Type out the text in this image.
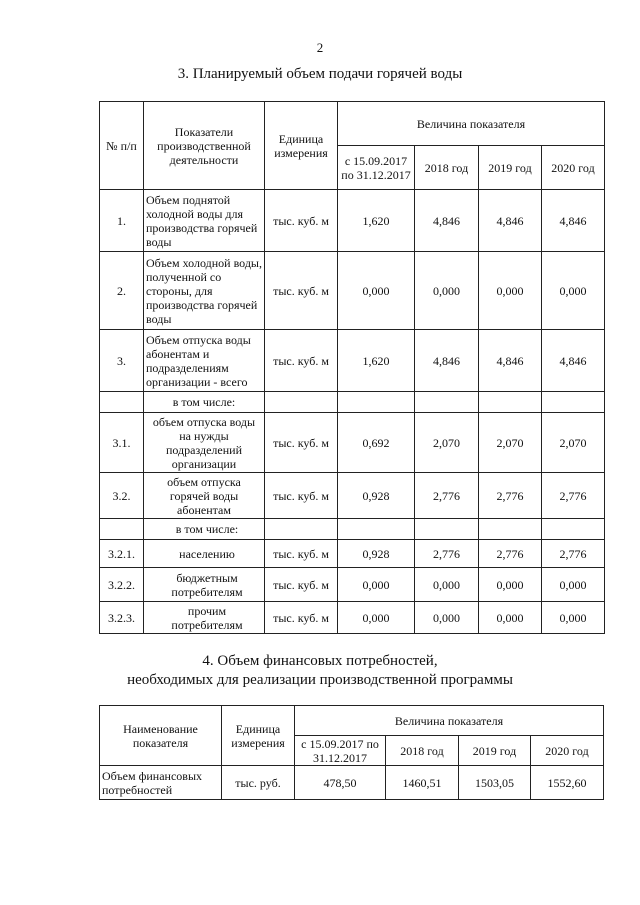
2
3. Планируемый объем подачи горячей воды
№ п/п	Показатели производственной деятельности	Единица измерения	Величина показателя			
			с 15.09.2017 по 31.12.2017	2018 год	2019 год	2020 год
1.	Объем поднятой холодной воды для производства горячей воды	тыс. куб. м	1,620	4,846	4,846	4,846
2.	Объем холодной воды, полученной со стороны, для производства горячей воды	тыс. куб. м	0,000	0,000	0,000	0,000
3.	Объем отпуска воды абонентам и подразделениям организации - всего	тыс. куб. м	1,620	4,846	4,846	4,846
	в том числе:					
3.1.	объем отпуска воды на нужды подразделений организации	тыс. куб. м	0,692	2,070	2,070	2,070
3.2.	объем отпуска горячей воды абонентам	тыс. куб. м	0,928	2,776	2,776	2,776
	в том числе:					
3.2.1.	населению	тыс. куб. м	0,928	2,776	2,776	2,776
3.2.2.	бюджетным потребителям	тыс. куб. м	0,000	0,000	0,000	0,000
3.2.3.	прочим потребителям	тыс. куб. м	0,000	0,000	0,000	0,000
4. Объем финансовых потребностей,
необходимых для реализации производственной программы
Наименование показателя	Единица измерения	Величина показателя			
		с 15.09.2017 по 31.12.2017	2018 год	2019 год	2020 год
Объем финансовых потребностей	тыс. руб.	478,50	1460,51	1503,05	1552,60
